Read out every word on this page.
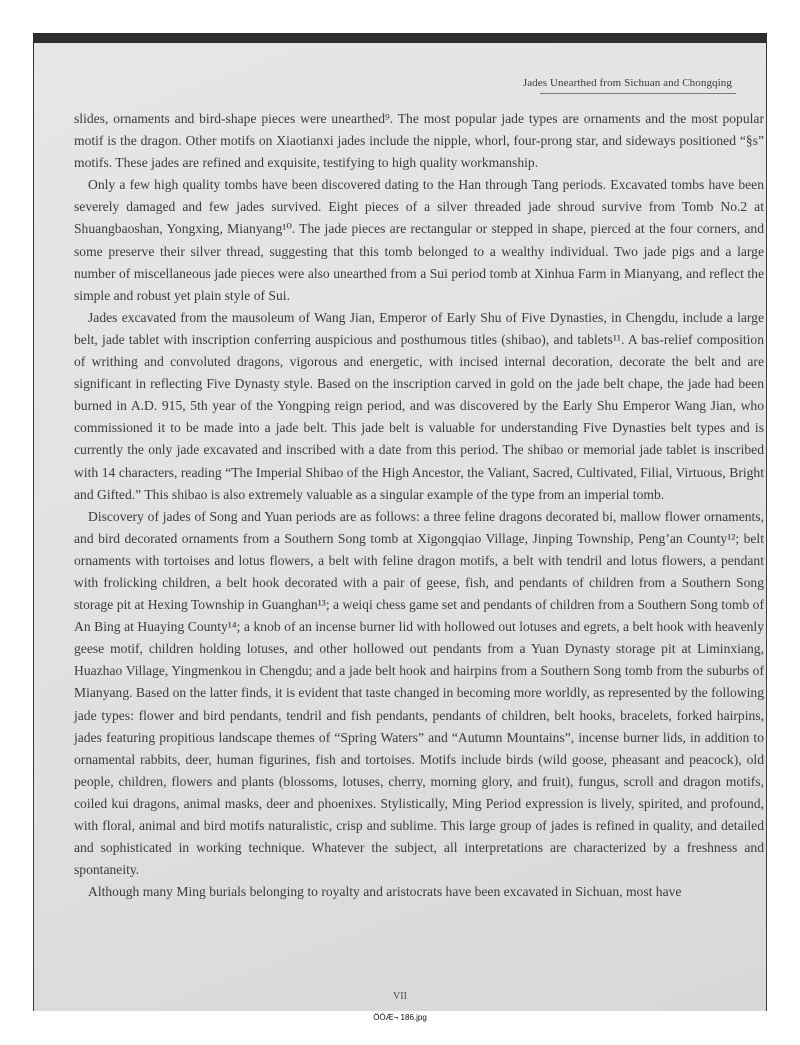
Jades Unearthed from Sichuan and Chongqing

slides, ornaments and bird-shape pieces were unearthed⁹. The most popular jade types are ornaments and the most popular motif is the dragon. Other motifs on Xiaotianxi jades include the nipple, whorl, four-prong star, and sideways positioned “§s” motifs. These jades are refined and exquisite, testifying to high quality workmanship.

Only a few high quality tombs have been discovered dating to the Han through Tang periods. Excavated tombs have been severely damaged and few jades survived. Eight pieces of a silver threaded jade shroud survive from Tomb No.2 at Shuangbaoshan, Yongxing, Mianyang¹⁰. The jade pieces are rectangular or stepped in shape, pierced at the four corners, and some preserve their silver thread, suggesting that this tomb belonged to a wealthy individual. Two jade pigs and a large number of miscellaneous jade pieces were also unearthed from a Sui period tomb at Xinhua Farm in Mianyang, and reflect the simple and robust yet plain style of Sui.

Jades excavated from the mausoleum of Wang Jian, Emperor of Early Shu of Five Dynasties, in Chengdu, include a large belt, jade tablet with inscription conferring auspicious and posthumous titles (shibao), and tablets¹¹. A bas-relief composition of writhing and convoluted dragons, vigorous and energetic, with incised internal decoration, decorate the belt and are significant in reflecting Five Dynasty style. Based on the inscription carved in gold on the jade belt chape, the jade had been burned in A.D. 915, 5th year of the Yongping reign period, and was discovered by the Early Shu Emperor Wang Jian, who commissioned it to be made into a jade belt. This jade belt is valuable for understanding Five Dynasties belt types and is currently the only jade excavated and inscribed with a date from this period. The shibao or memorial jade tablet is inscribed with 14 characters, reading “The Imperial Shibao of the High Ancestor, the Valiant, Sacred, Cultivated, Filial, Virtuous, Bright and Gifted.” This shibao is also extremely valuable as a singular example of the type from an imperial tomb.

Discovery of jades of Song and Yuan periods are as follows: a three feline dragons decorated bi, mallow flower ornaments, and bird decorated ornaments from a Southern Song tomb at Xigongqiao Village, Jinping Township, Peng’an County¹²; belt ornaments with tortoises and lotus flowers, a belt with feline dragon motifs, a belt with tendril and lotus flowers, a pendant with frolicking children, a belt hook decorated with a pair of geese, fish, and pendants of children from a Southern Song storage pit at Hexing Township in Guanghan¹³; a weiqi chess game set and pendants of children from a Southern Song tomb of An Bing at Huaying County¹⁴; a knob of an incense burner lid with hollowed out lotuses and egrets, a belt hook with heavenly geese motif, children holding lotuses, and other hollowed out pendants from a Yuan Dynasty storage pit at Liminxiang, Huazhao Village, Yingmenkou in Chengdu; and a jade belt hook and hairpins from a Southern Song tomb from the suburbs of Mianyang. Based on the latter finds, it is evident that taste changed in becoming more worldly, as represented by the following jade types: flower and bird pendants, tendril and fish pendants, pendants of children, belt hooks, bracelets, forked hairpins, jades featuring propitious landscape themes of “Spring Waters” and “Autumn Mountains”, incense burner lids, in addition to ornamental rabbits, deer, human figurines, fish and tortoises. Motifs include birds (wild goose, pheasant and peacock), old people, children, flowers and plants (blossoms, lotuses, cherry, morning glory, and fruit), fungus, scroll and dragon motifs, coiled kui dragons, animal masks, deer and phoenixes. Stylistically, Ming Period expression is lively, spirited, and profound, with floral, animal and bird motifs naturalistic, crisp and sublime. This large group of jades is refined in quality, and detailed and sophisticated in working technique. Whatever the subject, all interpretations are characterized by a freshness and spontaneity.

Although many Ming burials belonging to royalty and aristocrats have been excavated in Sichuan, most have

VII
ÖÓÆ¬ 186.jpg
